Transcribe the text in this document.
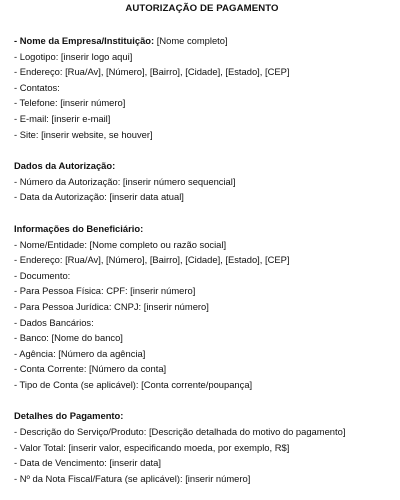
AUTORIZAÇÃO DE PAGAMENTO
- Nome da Empresa/Instituição: [Nome completo]
- Logotipo: [inserir logo aqui]
- Endereço: [Rua/Av], [Número], [Bairro], [Cidade], [Estado], [CEP]
- Contatos:
- Telefone: [inserir número]
- E-mail: [inserir e-mail]
- Site: [inserir website, se houver]
Dados da Autorização:
- Número da Autorização: [inserir número sequencial]
- Data da Autorização: [inserir data atual]
Informações do Beneficiário:
- Nome/Entidade: [Nome completo ou razão social]
- Endereço: [Rua/Av], [Número], [Bairro], [Cidade], [Estado], [CEP]
- Documento:
- Para Pessoa Física: CPF: [inserir número]
- Para Pessoa Jurídica: CNPJ: [inserir número]
- Dados Bancários:
- Banco: [Nome do banco]
- Agência: [Número da agência]
- Conta Corrente: [Número da conta]
- Tipo de Conta (se aplicável): [Conta corrente/poupança]
Detalhes do Pagamento:
- Descrição do Serviço/Produto: [Descrição detalhada do motivo do pagamento]
- Valor Total: [inserir valor, especificando moeda, por exemplo, R$]
- Data de Vencimento: [inserir data]
- Nº da Nota Fiscal/Fatura (se aplicável): [inserir número]
